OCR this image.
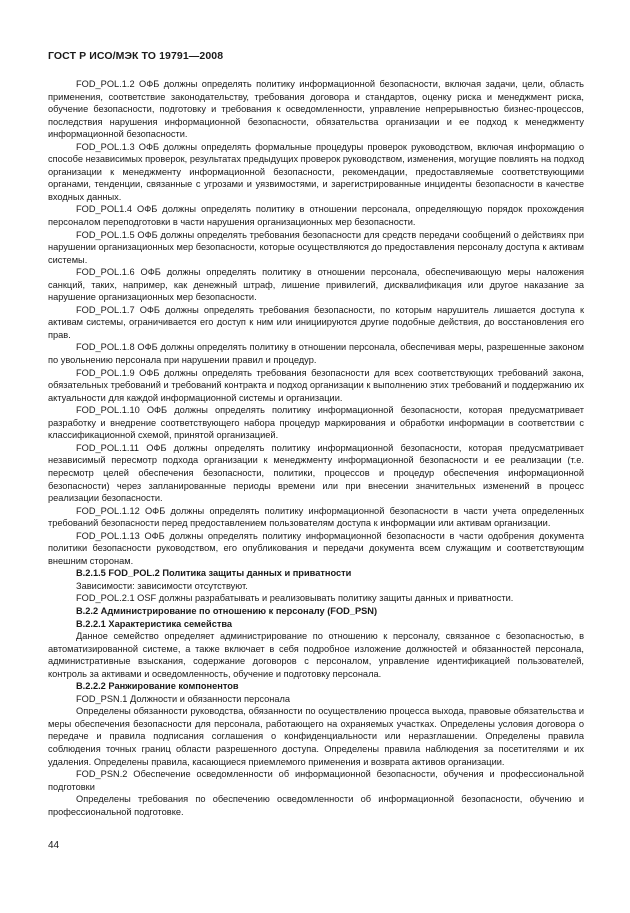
ГОСТ Р ИСО/МЭК ТО 19791—2008

FOD_POL.1.2 ОФБ должны определять политику информационной безопасности, включая задачи, цели, область применения, соответствие законодательству, требования договора и стандартов, оценку риска и менеджмент риска, обучение безопасности, подготовку и требования к осведомленности, управление непрерывностью бизнес-процессов, последствия нарушения информационной безопасности, обязательства организации и ее подход к менеджменту информационной безопасности.

FOD_POL.1.3 ОФБ должны определять формальные процедуры проверок руководством, включая информацию о способе независимых проверок, результатах предыдущих проверок руководством, изменения, могущие повлиять на подход организации к менеджменту информационной безопасности, рекомендации, предоставляемые соответствующими органами, тенденции, связанные с угрозами и уязвимостями, и зарегистрированные инциденты безопасности в качестве входных данных.

FOD_POL1.4 ОФБ должны определять политику в отношении персонала, определяющую порядок прохождения персоналом переподготовки в части нарушения организационных мер безопасности.

FOD_POL.1.5 ОФБ должны определять требования безопасности для средств передачи сообщений о действиях при нарушении организационных мер безопасности, которые осуществляются до предоставления персоналу доступа к активам системы.

FOD_POL.1.6 ОФБ должны определять политику в отношении персонала, обеспечивающую меры наложения санкций, таких, например, как денежный штраф, лишение привилегий, дисквалификация или другое наказание за нарушение организационных мер безопасности.

FOD_POL.1.7 ОФБ должны определять требования безопасности, по которым нарушитель лишается доступа к активам системы, ограничивается его доступ к ним или инициируются другие подобные действия, до восстановления его прав.

FOD_POL.1.8 ОФБ должны определять политику в отношении персонала, обеспечивая меры, разрешенные законом по увольнению персонала при нарушении правил и процедур.

FOD_POL.1.9 ОФБ должны определять требования безопасности для всех соответствующих требований закона, обязательных требований и требований контракта и подход организации к выполнению этих требований и поддержанию их актуальности для каждой информационной системы и организации.

FOD_POL.1.10 ОФБ должны определять политику информационной безопасности, которая предусматривает разработку и внедрение соответствующего набора процедур маркирования и обработки информации в соответствии с классификационной схемой, принятой организацией.

FOD_POL.1.11 ОФБ должны определять политику информационной безопасности, которая предусматривает независимый пересмотр подхода организации к менеджменту информационной безопасности и ее реализации (т.е. пересмотр целей обеспечения безопасности, политики, процессов и процедур обеспечения информационной безопасности) через запланированные периоды времени или при внесении значительных изменений в процесс реализации безопасности.

FOD_POL.1.12 ОФБ должны определять политику информационной безопасности в части учета определенных требований безопасности перед предоставлением пользователям доступа к информации или активам организации.

FOD_POL.1.13 ОФБ должны определять политику информационной безопасности в части одобрения документа политики безопасности руководством, его опубликования и передачи документа всем служащим и соответствующим внешним сторонам.

В.2.1.5 FOD_POL.2 Политика защиты данных и приватности

Зависимости: зависимости отсутствуют.

FOD_POL.2.1 OSF должны разрабатывать и реализовывать политику защиты данных и приватности.

В.2.2 Администрирование по отношению к персоналу (FOD_PSN)

В.2.2.1 Характеристика семейства

Данное семейство определяет администрирование по отношению к персоналу, связанное с безопасностью, в автоматизированной системе, а также включает в себя подробное изложение должностей и обязанностей персонала, административные взыскания, содержание договоров с персоналом, управление идентификацией пользователей, контроль за активами и осведомленность, обучение и подготовку персонала.

В.2.2.2 Ранжирование компонентов

FOD_PSN.1 Должности и обязанности персонала

Определены обязанности руководства, обязанности по осуществлению процесса выхода, правовые обязательства и меры обеспечения безопасности для персонала, работающего на охраняемых участках. Определены условия договора о передаче и правила подписания соглашения о конфиденциальности или неразглашении. Определены правила соблюдения точных границ области разрешенного доступа. Определены правила наблюдения за посетителями и их удаления. Определены правила, касающиеся приемлемого применения и возврата активов организации.

FOD_PSN.2 Обеспечение осведомленности об информационной безопасности, обучения и профессиональной подготовки

Определены требования по обеспечению осведомленности об информационной безопасности, обучению и профессиональной подготовке.

44
